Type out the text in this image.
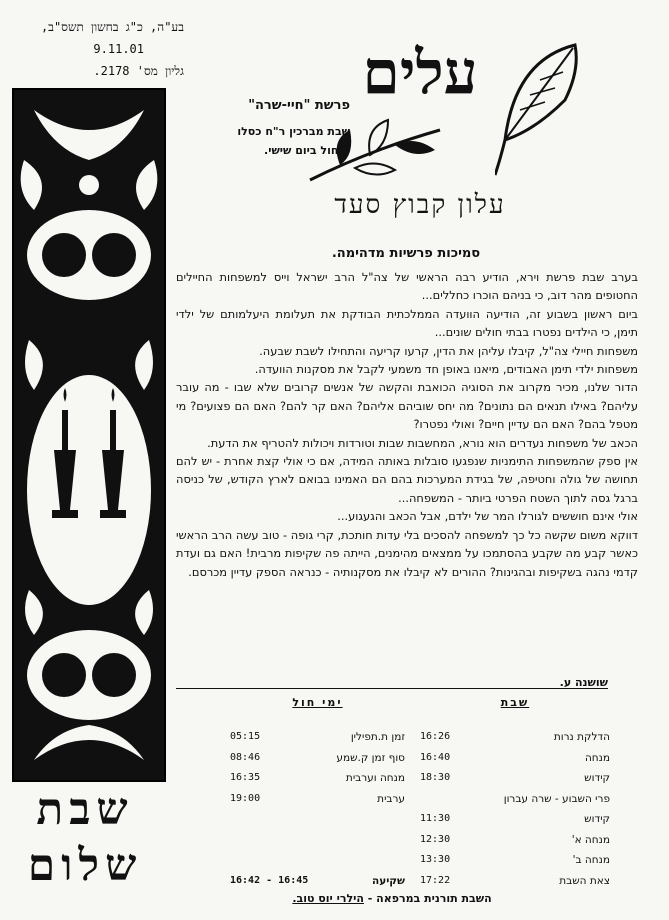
בע"ה, כ"ג בחשון תשס"ב,
9.11.01
גליון מס' 2178.
שבת
שלום
עלים
עלון קבוץ סעד
פרשת "חיי-שרה"
שבת מברכין ר"ח כסלו
שיחול ביום שישי.
סמיכות פרשיות מדהימה.

בערב שבת פרשת וירא, הודיע רבה הראשי של צה"ל הרב ישראל וייס למשפחות החיילים החטופים מהר דוב, כי בניהם הוכרו כחללים...

ביום ראשון בשבוע זה, הודיעה הוועדה הממלכתית הבודקת את תעלומת היעלמותם של ילדי תימן, כי הילדים נפטרו בבתי חולים שונים...

משפחות חיילי צה"ל, קיבלו עליהן את הדין, קרעו קריעה והתחילו לשבת שבעה.

משפחות ילדי תימן האבודים, מיאנו באופן חד משמעי לקבל את מסקנות הוועדה.

הדור שלנו, מכיר מקרוב את הסוגיה הכואבת והקשה של אנשים קרובים שלא שבו - מה עובר עליהם? באילו תנאים הם נתונים? מה יחס שוביהם אליהם? האם קר להם? האם הם פצועים? מי מטפל בהם? האם הם עדיין חיים? ואולי נפטרו?

הכאב של משפחות נעדרים הוא נורא, המחשבות שבות וטורדות ויכולות להטריף את הדעת.

אין ספק שהמשפחות התימניות שנפגעו סובלות באותה המידה, אם כי אולי קצת אחרת - יש להם תחושה של גולה וחטיפה, של בגידת המערכות בהם הם האמינו בבואם לארץ הקודש, של כניסה ברגל גסה לתוך השטח הפרטי ביותר - המשפחה...

אולי אינם חוששים לגורלו המר של ילדם, אבל הכאב והגעגוע...

דווקא משום שקשה כל כך למשפחה להסכים בלי עדות חותכת, קרי גופה - טוב עשה הרב הראשי כאשר קבע מה שקבע בהסתמכו על ממצאים מהימנים, הייתה פה שקיפות מרבית! האם גם ועדת קדמי נהגה בשקיפות ובהגינות? ההורים לא קיבלו את מסקנותיה - כנראה הספק עדיין מכרסם.

שושנה ע.
שבת
הדלקת נרות
16:26
מנחה
16:40
קידוש
18:30
פרי השבוע - שרה עברון
קידוש
11:30
מנחה א'
12:30
מנחה ב'
13:30
צאת השבת
17:22
ימי חול
זמן ת.תפילין
05:15
סוף זמן ק.שמע
08:46
מנחה וערבית
16:35
ערבית
19:00

שקיעה
16:42 - 16:45
השבת תורנית במרפאה - הילרי יוס טוב.
